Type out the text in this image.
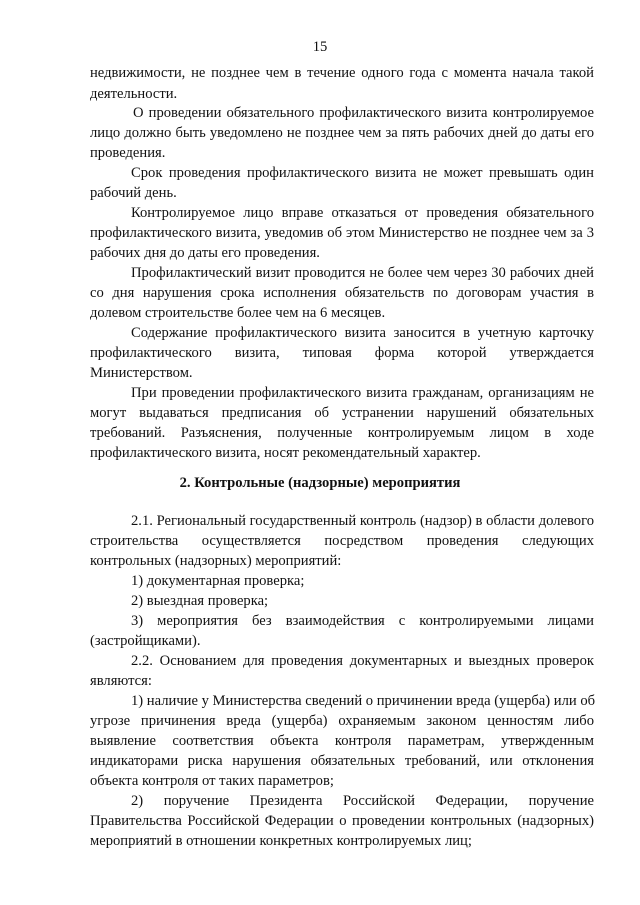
15
недвижимости, не позднее чем в течение одного года с момента начала такой
деятельности.
О проведении обязательного профилактического визита контролируемое
лицо должно быть уведомлено не позднее чем за пять рабочих дней до даты его
проведения.
Срок проведения профилактического визита не может превышать один
рабочий день.
Контролируемое лицо вправе отказаться от проведения обязательного
профилактического визита, уведомив об этом Министерство не позднее чем за 3
рабочих дня до даты его проведения.
Профилактический визит проводится не более чем через 30 рабочих дней
со дня нарушения срока исполнения обязательств по договорам участия в
долевом строительстве более чем на 6 месяцев.
Содержание профилактического визита заносится в учетную карточку
профилактического визита, типовая форма которой утверждается
Министерством.
При проведении профилактического визита гражданам, организациям не
могут выдаваться предписания об устранении нарушений обязательных
требований. Разъяснения, полученные контролируемым лицом в ходе
профилактического визита, носят рекомендательный характер.
2. Контрольные (надзорные) мероприятия
2.1. Региональный государственный контроль (надзор) в области долевого
строительства осуществляется посредством проведения следующих
контрольных (надзорных) мероприятий:
1) документарная проверка;
2) выездная проверка;
3) мероприятия без взаимодействия с контролируемыми лицами
(застройщиками).
2.2. Основанием для проведения документарных и выездных проверок
являются:
1) наличие у Министерства сведений о причинении вреда (ущерба) или об
угрозе причинения вреда (ущерба) охраняемым законом ценностям либо
выявление соответствия объекта контроля параметрам, утвержденным
индикаторами риска нарушения обязательных требований, или отклонения
объекта контроля от таких параметров;
2) поручение Президента Российской Федерации, поручение
Правительства Российской Федерации о проведении контрольных (надзорных)
мероприятий в отношении конкретных контролируемых лиц;
